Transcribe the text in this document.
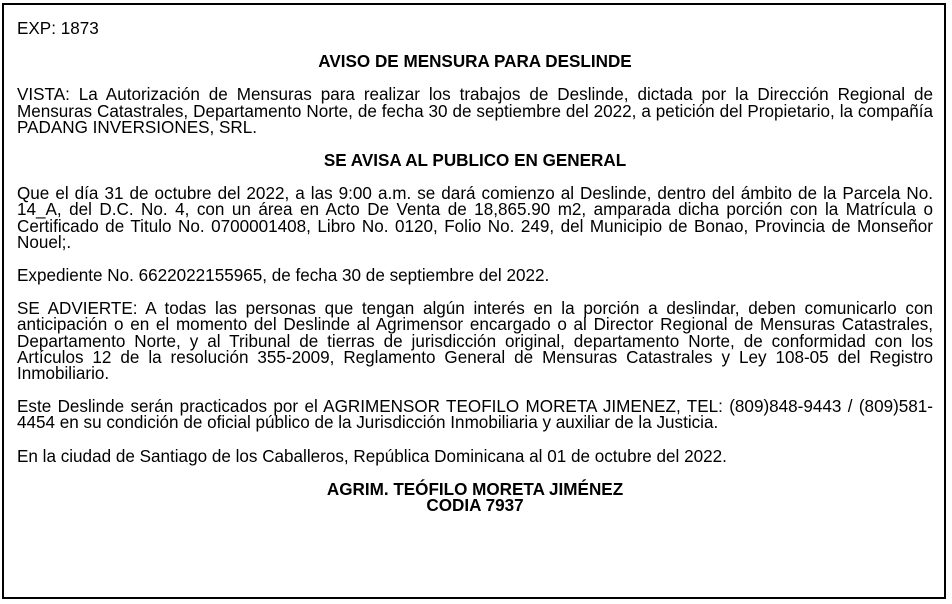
EXP: 1873

AVISO DE MENSURA PARA DESLINDE

VISTA: La Autorización de Mensuras para realizar los trabajos de Deslinde, dictada por la Dirección Regional de Mensuras Catastrales, Departamento Norte, de fecha 30 de septiembre del 2022, a petición del Propietario, la compañía PADANG INVERSIONES, SRL.

SE AVISA AL PUBLICO EN GENERAL

Que el día 31 de octubre del 2022, a las 9:00 a.m. se dará comienzo al Deslinde, dentro del ámbito de la Parcela No. 14_A, del D.C. No. 4, con un área en Acto De Venta de 18,865.90 m2, amparada dicha porción con la Matrícula o Certificado de Titulo No. 0700001408, Libro No. 0120, Folio No. 249, del Municipio de Bonao, Provincia de Monseñor Nouel;.

Expediente No. 6622022155965, de fecha 30 de septiembre del 2022.

SE ADVIERTE: A todas las personas que tengan algún interés en la porción a deslindar, deben comunicarlo con anticipación o en el momento del Deslinde al Agrimensor encargado o al Director Regional de Mensuras Catastrales, Departamento Norte, y al Tribunal de tierras de jurisdicción original, departamento Norte, de conformidad con los Artículos 12 de la resolución 355-2009, Reglamento General de Mensuras Catastrales y Ley 108-05 del Registro Inmobiliario.

Este Deslinde serán practicados por el AGRIMENSOR TEOFILO MORETA JIMENEZ, TEL: (809)848-9443 / (809)581-4454 en su condición de oficial público de la Jurisdicción Inmobiliaria y auxiliar de la Justicia.

En la ciudad de Santiago de los Caballeros, República Dominicana al 01 de octubre del 2022.

AGRIM. TEÓFILO MORETA JIMÉNEZ

CODIA 7937
